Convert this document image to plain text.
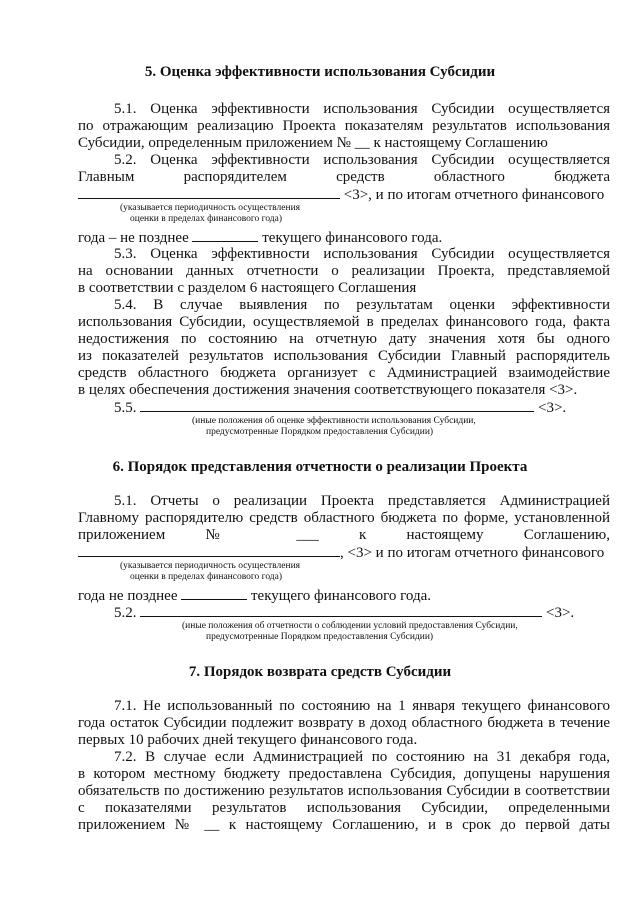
5. Оценка эффективности использования Субсидии
5.1. Оценка эффективности использования Субсидии осуществляется
по отражающим реализацию Проекта показателям результатов использования
Субсидии, определенным приложением № __ к настоящему Соглашению
5.2. Оценка эффективности использования Субсидии осуществляется
Главным распорядителем средств областного бюджета
<3>, и по итогам отчетного финансового
(указывается периодичность осуществления
оценки в пределах финансового года)
года – не позднее	текущего финансового года.
5.3. Оценка эффективности использования Субсидии осуществляется
на основании данных отчетности о реализации Проекта, представляемой
в соответствии с разделом 6 настоящего Соглашения
5.4. В случае выявления по результатам оценки эффективности
использования Субсидии, осуществляемой в пределах финансового года, факта
недостижения по состоянию на отчетную дату значения хотя бы одного
из показателей результатов использования Субсидии Главный распорядитель
средств областного бюджета организует с Администрацией взаимодействие
в целях обеспечения достижения значения соответствующего показателя <3>.
5.5.	<3>.
(иные положения об оценке эффективности использования Субсидии,
предусмотренные Порядком предоставления Субсидии)
6. Порядок представления отчетности о реализации Проекта
5.1. Отчеты о реализации Проекта представляется Администрацией
Главному распорядителю средств областного бюджета по форме, установленной
приложением № ___ к настоящему Соглашению,
, <3> и по итогам отчетного финансового
(указывается периодичность осуществления
оценки в пределах финансового года)
года не позднее	текущего финансового года.
5.2.	<3>.
(иные положения об отчетности о соблюдении условий предоставления Субсидии,
предусмотренные Порядком предоставления Субсидии)
7. Порядок возврата средств Субсидии
7.1. Не использованный по состоянию на 1 января текущего финансового
года остаток Субсидии подлежит возврату в доход областного бюджета в течение
первых 10 рабочих дней текущего финансового года.
7.2. В случае если Администрацией по состоянию на 31 декабря года,
в котором местному бюджету предоставлена Субсидия, допущены нарушения
обязательств по достижению результатов использования Субсидии в соответствии
с показателями результатов использования Субсидии, определенными
приложением № __ к настоящему Соглашению, и в срок до первой даты
